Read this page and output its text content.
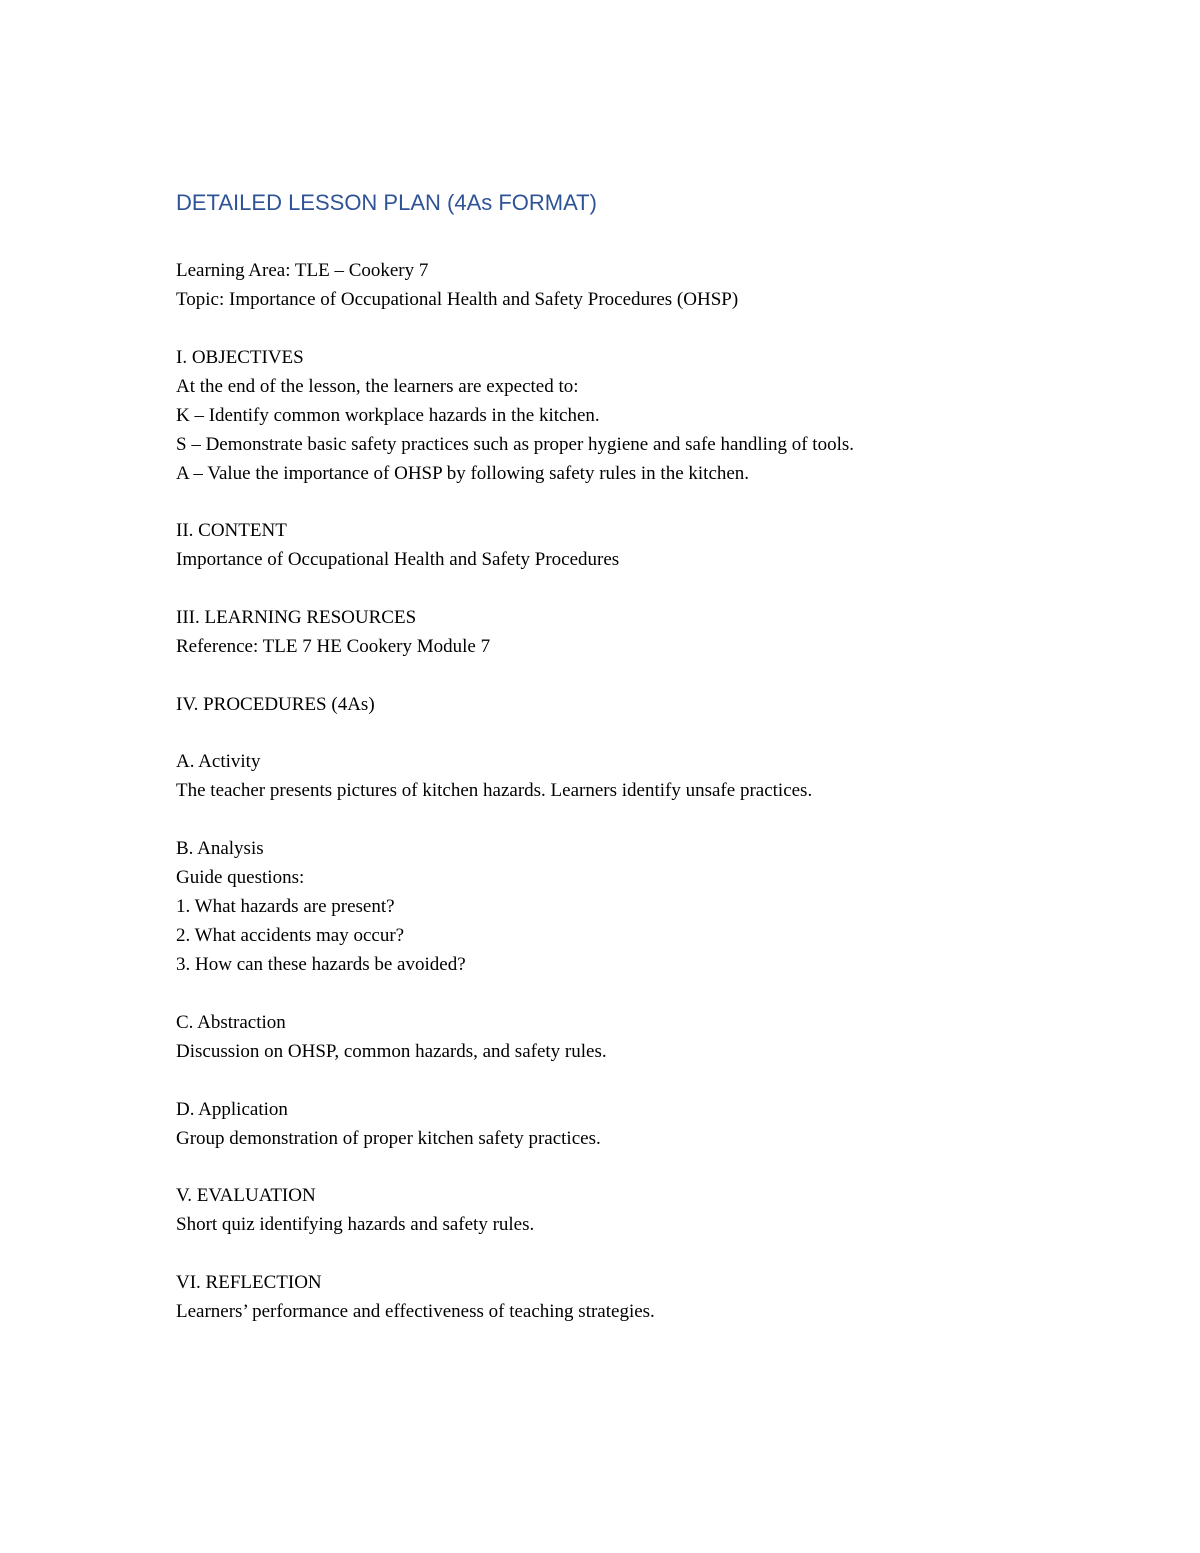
DETAILED LESSON PLAN (4As FORMAT)
Learning Area: TLE – Cookery 7
Topic: Importance of Occupational Health and Safety Procedures (OHSP)
I. OBJECTIVES
At the end of the lesson, the learners are expected to:
K – Identify common workplace hazards in the kitchen.
S – Demonstrate basic safety practices such as proper hygiene and safe handling of tools.
A – Value the importance of OHSP by following safety rules in the kitchen.
II. CONTENT
Importance of Occupational Health and Safety Procedures
III. LEARNING RESOURCES
Reference: TLE 7 HE Cookery Module 7
IV. PROCEDURES (4As)
A. Activity
The teacher presents pictures of kitchen hazards. Learners identify unsafe practices.
B. Analysis
Guide questions:
1. What hazards are present?
2. What accidents may occur?
3. How can these hazards be avoided?
C. Abstraction
Discussion on OHSP, common hazards, and safety rules.
D. Application
Group demonstration of proper kitchen safety practices.
V. EVALUATION
Short quiz identifying hazards and safety rules.
VI. REFLECTION
Learners’ performance and effectiveness of teaching strategies.
